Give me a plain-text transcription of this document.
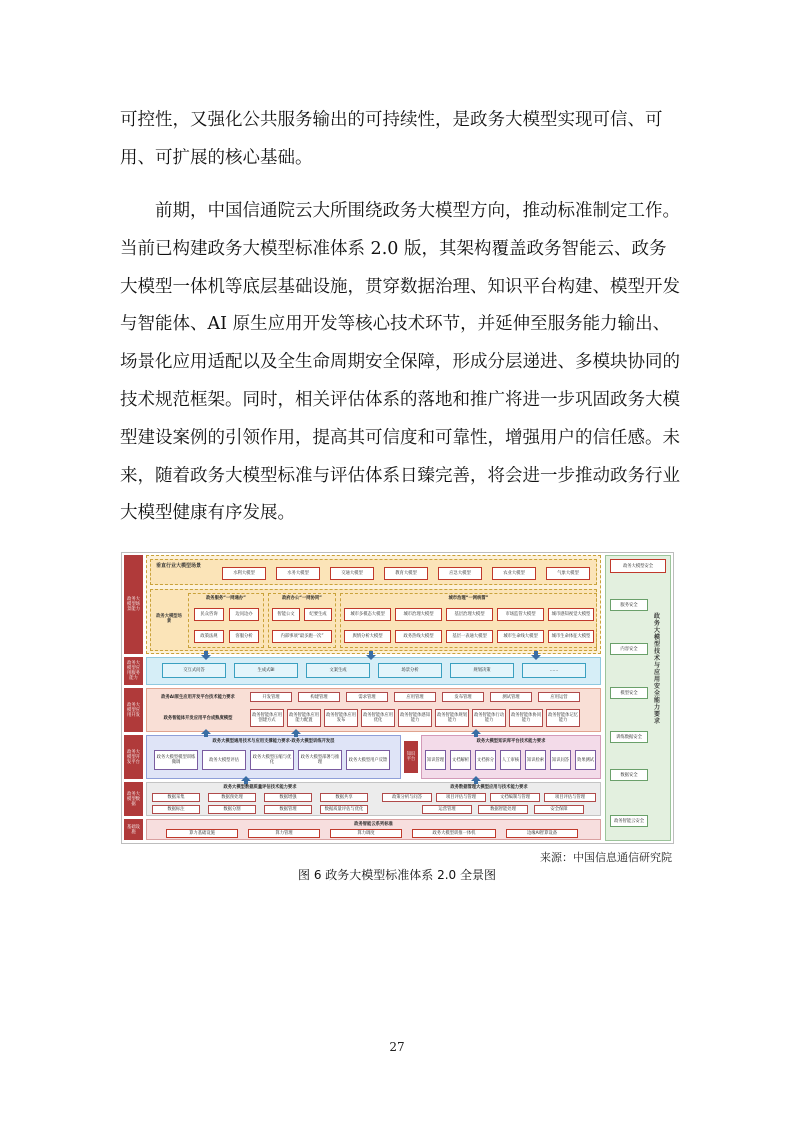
可控性，又强化公共服务输出的可持续性，是政务大模型实现可信、可用、可扩展的核心基础。

前期，中国信通院云大所围绕政务大模型方向，推动标准制定工作。当前已构建政务大模型标准体系 2.0 版，其架构覆盖政务智能云、政务大模型一体机等底层基础设施，贯穿数据治理、知识平台构建、模型开发与智能体、AI 原生应用开发等核心技术环节，并延伸至服务能力输出、场景化应用适配以及全生命周期安全保障，形成分层递进、多模块协同的技术规范框架。同时，相关评估体系的落地和推广将进一步巩固政务大模型建设案例的引领作用，提高其可信度和可靠性，增强用户的信任感。未来，随着政务大模型标准与评估体系日臻完善，将会进一步推动政务行业大模型健康有序发展。

政务大模型场景能力
政务大模型应用服务能力
政务大模型应用开发
政务大模型开发平台
政务大模型数据
基础设施
垂直行业大模型场景
水利大模型	水务大模型	交通大模型	教育大模型	应急大模型	农业大模型	气象大模型
政务大模型场景
政务服务“一网通办”
民众咨询	边问边办
政策法规	客服分析
政府办公“一网协同”
智能公文	纪要生成
内部事项“最多跑一次”
城市治理“一网统管”
城市多模态大模型	城市治理大模型	基层治理大模型	市场监管大模型	城市感知视觉大模型
舆情分析大模型	政务热线大模型	基层一表通大模型	城市生命线大模型	城市生命体征大模型
交互式问答	生成式BI	文案生成	场景分析	规划决策	……
政务AI原生应用开发平台技术能力要求	开发管理	构建管理	需求管理	应用管理	发布管理	测试管理	应用运营
政务智能体开发应用平台成熟度模型	政务智能体应用创建方式
政务智能体应用能力配置
政务智能体应用发布
政务智能体应用优化
政务智能体感知能力
政务智能体规划能力
政务智能体行动能力
政务智能体协同能力
政务智能体记忆能力
政务大模型通用技术与应用支撑能力要求·政务大模型训练开发层
政务大模型模型训练微调	政务大模型评估	政务大模型压缩与优化
政务大模型部署与推理	政务大模型用户反馈
知识平台
政务大模型知识库平台技术能力要求
知识管理	文档解析	文档拆分	人工审核	知识检索	知识问答	效果测试
政务大模型数据质量评估技术能力要求
数据采集	数据预处理	数据增强	数据共享
数据标注	数据分割	数据管理	数据质量评估与优化
政务数据管理大模型应用与技术能力要求
政策分析与问答	项目评估与管理	文档编制与管理	项目评估与管理
运营管理	数据智能处理	安全保障
政务智能云系列标准
算力基础设施	算力管理	算力调度	政务大模型训推一体机	边缘AI智算设备
政务大模型安全
政务大模型技术与应用安全能力要求
服务安全
内容安全
模型安全
训练数据安全
数据安全
政务智能云安全
来源：中国信息通信研究院
图 6 政务大模型标准体系 2.0 全景图
27
